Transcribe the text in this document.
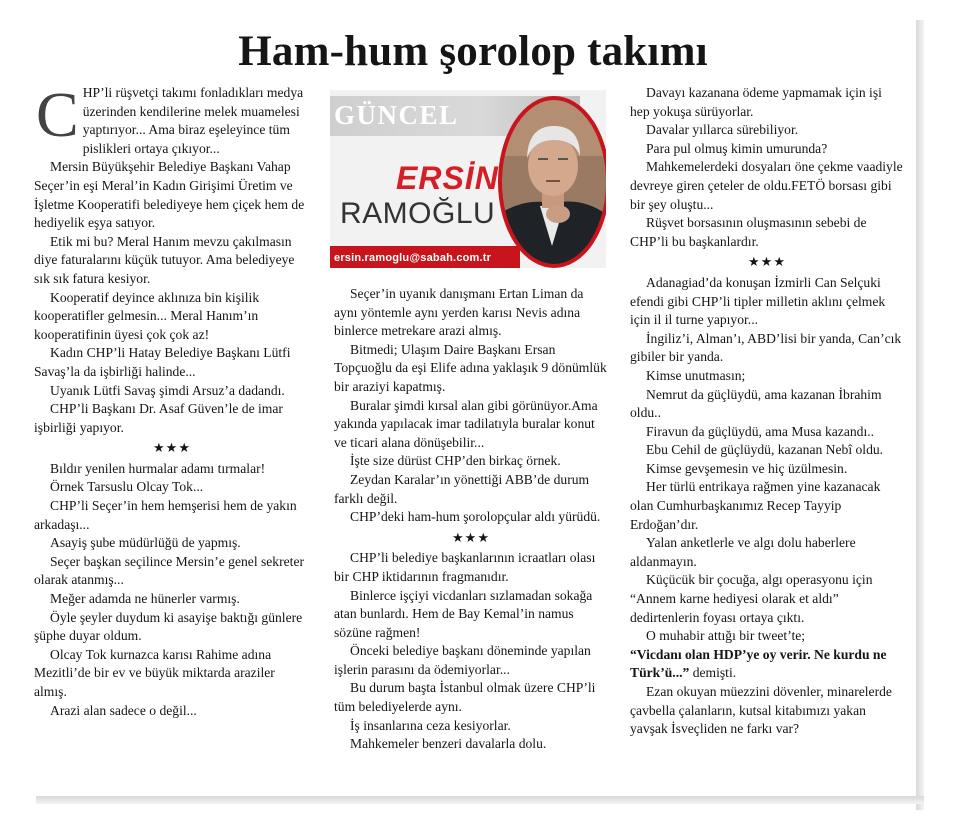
Ham-hum şorolop takımı

CHP’li rüşvetçi takımı fonladıkları medya üzerinden kendilerine melek muamelesi yaptırıyor... Ama biraz eşeleyince tüm pislikleri ortaya çıkıyor...

Mersin Büyükşehir Belediye Başkanı Vahap Seçer’in eşi Meral’in Kadın Girişimi Üretim ve İşletme Kooperatifi belediyeye hem çiçek hem de hediyelik eşya satıyor.

Etik mi bu? Meral Hanım mevzu çakılmasın diye faturalarını küçük tutuyor. Ama belediyeye sık sık fatura kesiyor.

Kooperatif deyince aklınıza bin kişilik kooperatifler gelmesin... Meral Hanım’ın kooperatifinin üyesi çok çok az!

Kadın CHP’li Hatay Belediye Başkanı Lütfi Savaş’la da işbirliği halinde...

Uyanık Lütfi Savaş şimdi Arsuz’a dadandı.

CHP’li Başkanı Dr. Asaf Güven’le de imar işbirliği yapıyor.

★★★

Bıldır yenilen hurmalar adamı tırmalar!

Örnek Tarsuslu Olcay Tok...

CHP’li Seçer’in hem hemşerisi hem de yakın arkadaşı...

Asayiş şube müdürlüğü de yapmış.

Seçer başkan seçilince Mersin’e genel sekreter olarak atanmış...

Meğer adamda ne hünerler varmış.

Öyle şeyler duydum ki asayişe baktığı günlere şüphe duyar oldum.

Olcay Tok kurnazca karısı Rahime adına Mezitli’de bir ev ve büyük miktarda araziler almış.

Arazi alan sadece o değil...

GÜNCEL
ERSİN
RAMOĞLU
ersin.ramoglu@sabah.com.tr

Seçer’in uyanık danışmanı Ertan Liman da aynı yöntemle aynı yerden karısı Nevis adına binlerce metrekare arazi almış.

Bitmedi; Ulaşım Daire Başkanı Ersan Topçuoğlu da eşi Elife adına yaklaşık 9 dönümlük bir araziyi kapatmış.

Buralar şimdi kırsal alan gibi görünüyor.Ama yakında yapılacak imar tadilatıyla buralar konut ve ticari alana dönüşebilir...

İşte size dürüst CHP’den birkaç örnek.

Zeydan Karalar’ın yönettiği ABB’de durum farklı değil.

CHP’deki ham-hum şorolopçular aldı yürüdü.

★★★

CHP’li belediye başkanlarının icraatları olası bir CHP iktidarının fragmanıdır.

Binlerce işçiyi vicdanları sızlamadan sokağa atan bunlardı. Hem de Bay Kemal’in namus sözüne rağmen!

Önceki belediye başkanı döneminde yapılan işlerin parasını da ödemiyorlar...

Bu durum başta İstanbul olmak üzere CHP’li tüm belediyelerde aynı.

İş insanlarına ceza kesiyorlar.

Mahkemeler benzeri davalarla dolu.

Davayı kazanana ödeme yapmamak için işi hep yokuşa sürüyorlar.

Davalar yıllarca sürebiliyor.

Para pul olmuş kimin umurunda?

Mahkemelerdeki dosyaları öne çekme vaadiyle devreye giren çeteler de oldu.FETÖ borsası gibi bir şey oluştu...

Rüşvet borsasının oluşmasının sebebi de CHP’li bu başkanlardır.

★★★

Adanagiad’da konuşan İzmirli Can Selçuki efendi gibi CHP’li tipler milletin aklını çelmek için il il turne yapıyor...

İngiliz’i, Alman’ı, ABD’lisi bir yanda, Can’cık gibiler bir yanda.

Kimse unutmasın;

Nemrut da güçlüydü, ama kazanan İbrahim oldu..

Firavun da güçlüydü, ama Musa kazandı..

Ebu Cehil de güçlüydü, kazanan Nebî oldu.

Kimse gevşemesin ve hiç üzülmesin.

Her türlü entrikaya rağmen yine kazanacak olan Cumhurbaşkanımız Recep Tayyip Erdoğan’dır.

Yalan anketlerle ve algı dolu haberlere aldanmayın.

Küçücük bir çocuğa, algı operasyonu için “Annem karne hediyesi olarak et aldı” dedirtenlerin foyası ortaya çıktı.

O muhabir attığı bir tweet’te;

“Vicdanı olan HDP’ye oy verir. Ne kurdu ne Türk’ü...” demişti.

Ezan okuyan müezzini dövenler, minarelerde çavbella çalanların, kutsal kitabımızı yakan yavşak İsveçliden ne farkı var?
